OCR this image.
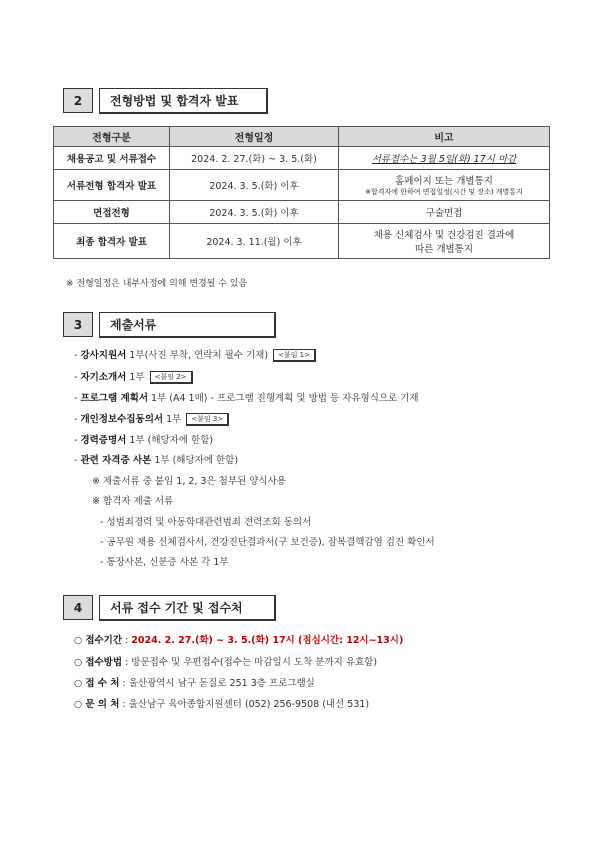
2	전형방법 및 합격자 발표
전형구분	전형일정	비고
채용공고 및 서류접수	2024. 2. 27.(화) ~ 3. 5.(화)	서류접수는 3월 5일(화) 17시 마감
서류전형 합격자 발표	2024. 3. 5.(화) 이후	홈페이지 또는 개별통지
※합격자에 한하여 면접일정(시간 및 장소) 개별통지

면접전형	2024. 3. 5.(화) 이후	구술면접
최종 합격자 발표	2024. 3. 11.(월) 이후	채용 신체검사 및 건강검진 결과에
따른 개별통지
※ 전형일정은 내부사정에 의해 변경될 수 있음
3	제출서류
- 강사지원서 1부(사진 부착, 연락처 필수 기재) <붙임 1>
- 자기소개서 1부 <붙임 2>
- 프로그램 계획서 1부 (A4 1매) - 프로그램 진행계획 및 방법 등 자유형식으로 기재
- 개인정보수집동의서 1부 <붙임 3>
- 경력증명서 1부 (해당자에 한함)
- 관련 자격증 사본 1부 (해당자에 한함)
※ 제출서류 중 붙임 1, 2, 3은 첨부된 양식사용
※ 합격자 제출 서류
- 성범죄경력 및 아동학대관련범죄 전력조회 동의서
- 공무원 채용 신체검사서, 건강진단결과서(구 보건증), 잠복결핵감염 검진 확인서
- 통장사본, 신분증 사본 각 1부
4	서류 접수 기간 및 접수처
○ 접수기간 : 2024. 2. 27.(화) ~ 3. 5.(화) 17시 (점심시간: 12시~13시)
○ 접수방법 : 방문접수 및 우편접수(접수는 마감일시 도착 분까지 유효함)
○ 접 수 처 : 울산광역시 남구 돋질로 251 3층 프로그램실
○ 문 의 처 : 울산남구 육아종합지원센터 (052) 256-9508 (내선 531)
